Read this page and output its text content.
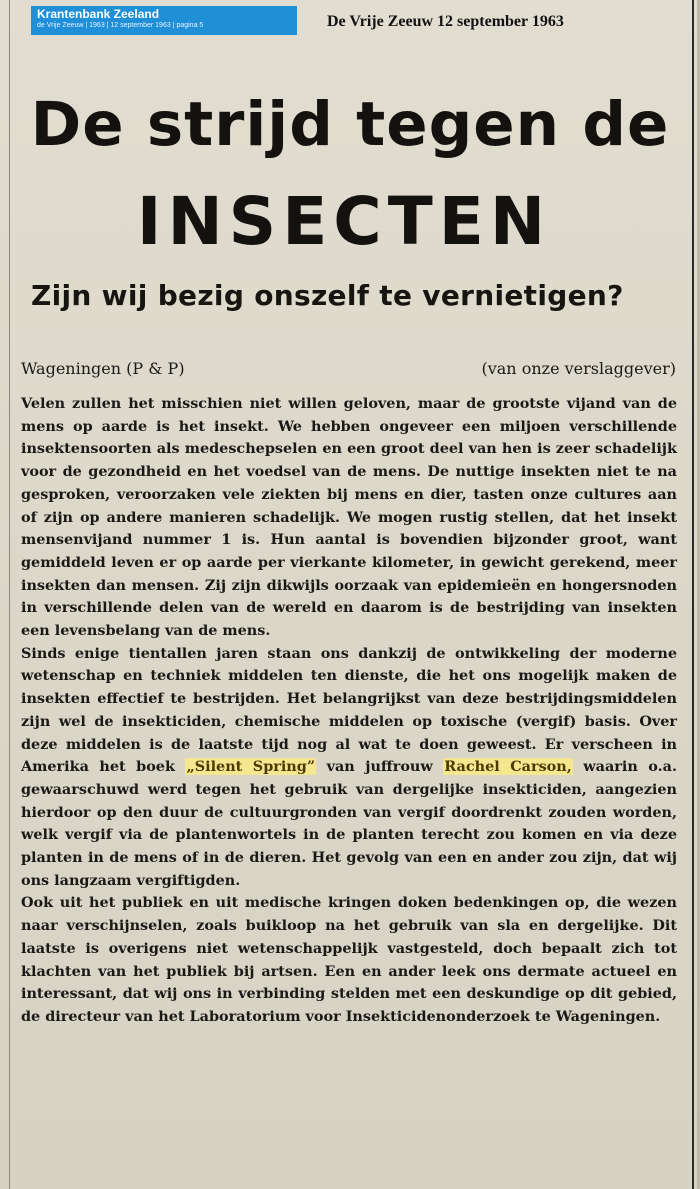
Krantenbank Zeeland
de Vrije Zeeuw | 1963 | 12 september 1963 | pagina 5	De Vrije Zeeuw 12 september 1963
De strijd tegen de
INSECTEN
Zijn wij bezig onszelf te vernietigen?
Wageningen (P & P)	(van onze verslaggever)

Velen zullen het misschien niet willen geloven, maar de grootste vijand van de mens op aarde is het insekt. We hebben ongeveer een miljoen verschillende insektensoorten als medeschepselen en een groot deel van hen is zeer schadelijk voor de gezondheid en het voedsel van de mens. De nuttige insekten niet te na gesproken, veroorzaken vele ziekten bij mens en dier, tasten onze cultures aan of zijn op andere manieren schadelijk. We mogen rustig stellen, dat het insekt mensenvijand nummer 1 is. Hun aantal is bovendien bijzonder groot, want gemiddeld leven er op aarde per vierkante kilometer, in gewicht gerekend, meer insekten dan mensen. Zij zijn dikwijls oorzaak van epidemieën en hongersnoden in verschillende delen van de wereld en daarom is de bestrijding van insekten een levensbelang van de mens.

Sinds enige tientallen jaren staan ons dankzij de ontwikkeling der moderne wetenschap en techniek middelen ten dienste, die het ons mogelijk maken de insekten effectief te bestrijden. Het belangrijkst van deze bestrijdingsmiddelen zijn wel de insekticiden, chemische middelen op toxische (vergif) basis. Over deze middelen is de laatste tijd nog al wat te doen geweest. Er verscheen in Amerika het boek „Silent Spring” van juffrouw Rachel Carson, waarin o.a. gewaarschuwd werd tegen het gebruik van dergelijke insekticiden, aangezien hierdoor op den duur de cultuurgronden van vergif doordrenkt zouden worden, welk vergif via de plantenwortels in de planten terecht zou komen en via deze planten in de mens of in de dieren. Het gevolg van een en ander zou zijn, dat wij ons langzaam vergiftigden.

Ook uit het publiek en uit medische kringen doken bedenkingen op, die wezen naar verschijnselen, zoals buikloop na het gebruik van sla en dergelijke. Dit laatste is overigens niet wetenschappelijk vastgesteld, doch bepaalt zich tot klachten van het publiek bij artsen. Een en ander leek ons dermate actueel en interessant, dat wij ons in verbinding stelden met een deskundige op dit gebied, de directeur van het Laboratorium voor Insekticidenonderzoek te Wageningen.
